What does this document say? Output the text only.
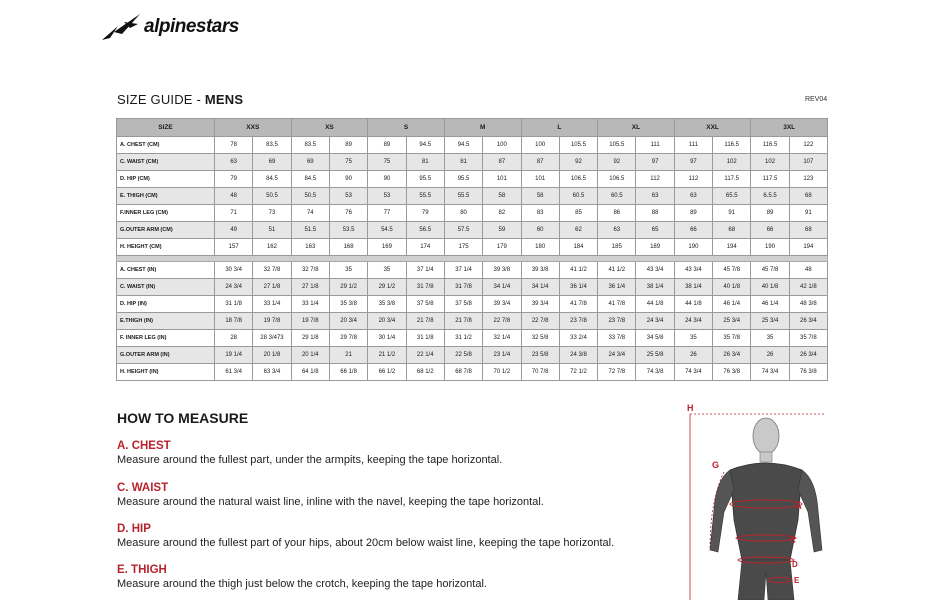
alpinestars
SIZE GUIDE - MENS	REV04
SIZE	XXS		XS		S		M		L		XL		XXL		3XL	
A. CHEST (CM)	78	83.5	83.5	89	89	94.5	94.5	100	100	105.5	105.5	111	111	116.5	116.5	122
C. WAIST (CM)	63	69	69	75	75	81	81	87	87	92	92	97	97	102	102	107
D. HIP (CM)	79	84.5	84.5	90	90	95.5	95.5	101	101	106.5	106.5	112	112	117.5	117.5	123
E. THIGH (CM)	48	50.5	50.5	53	53	55.5	55.5	58	58	60.5	60.5	63	63	65.5	6.5.5	68
F.INNER LEG (CM)	71	73	74	76	77	79	80	82	83	85	86	88	89	91	89	91
G.OUTER ARM (CM)	49	51	51.5	53.5	54.5	56.5	57.5	59	60	62	63	65	66	68	66	68
H. HEIGHT (CM)	157	162	163	168	169	174	175	179	180	184	185	189	190	194	190	194

A. CHEST (IN)	30 3/4	32 7/8	32 7/8	35	35	37 1/4	37 1/4	39 3/8	39 3/8	41 1/2	41 1/2	43 3/4	43 3/4	45 7/8	45 7/8	48
C. WAIST (IN)	24 3/4	27 1/8	27 1/8	29 1/2	29 1/2	31 7/8	31 7/8	34 1/4	34 1/4	36 1/4	36 1/4	38 1/4	38 1/4	40 1/8	40 1/8	42 1/8
D. HIP (IN)	31 1/8	33 1/4	33 1/4	35 3/8	35 3/8	37 5/8	37 5/8	39 3/4	39 3/4	41 7/8	41 7/8	44 1/8	44 1/8	46 1/4	46 1/4	48 3/8
E.THIGH (IN)	18 7/8	19 7/8	19 7/8	20 3/4	20 3/4	21 7/8	21 7/8	22 7/8	22 7/8	23 7/8	23 7/8	24 3/4	24 3/4	25 3/4	25 3/4	26 3/4
F. INNER LEG (IN)	28	28 3/473	29 1/8	29 7/8	30 1/4	31 1/8	31 1/2	32 1/4	32 5/8	33 2/4	33 7/8	34 5/8	35	35 7/8	35	35 7/8
G.OUTER ARM (IN)	19 1/4	20 1/8	20 1/4	21	21 1/2	22 1/4	22 5/8	23 1/4	23 5/8	24 3/8	24 3/4	25 5/8	26	26 3/4	26	26 3/4
H. HEIGHT (IN)	61 3/4	63 3/4	64 1/8	66 1/8	66 1/2	68 1/2	68 7/8	70 1/2	70 7/8	72 1/2	72 7/8	74 3/8	74 3/4	76 3/8	74 3/4	76 3/8
HOW TO MEASURE
A. CHEST
Measure around the fullest part, under the armpits, keeping the tape horizontal.
C. WAIST
Measure around the natural waist line, inline with the navel, keeping the tape horizontal.
D. HIP
Measure around the fullest part of your hips, about 20cm below waist line, keeping the tape horizontal.
E. THIGH
Measure around the thigh just below the crotch, keeping the tape horizontal.
H
G
A
C
D
E
